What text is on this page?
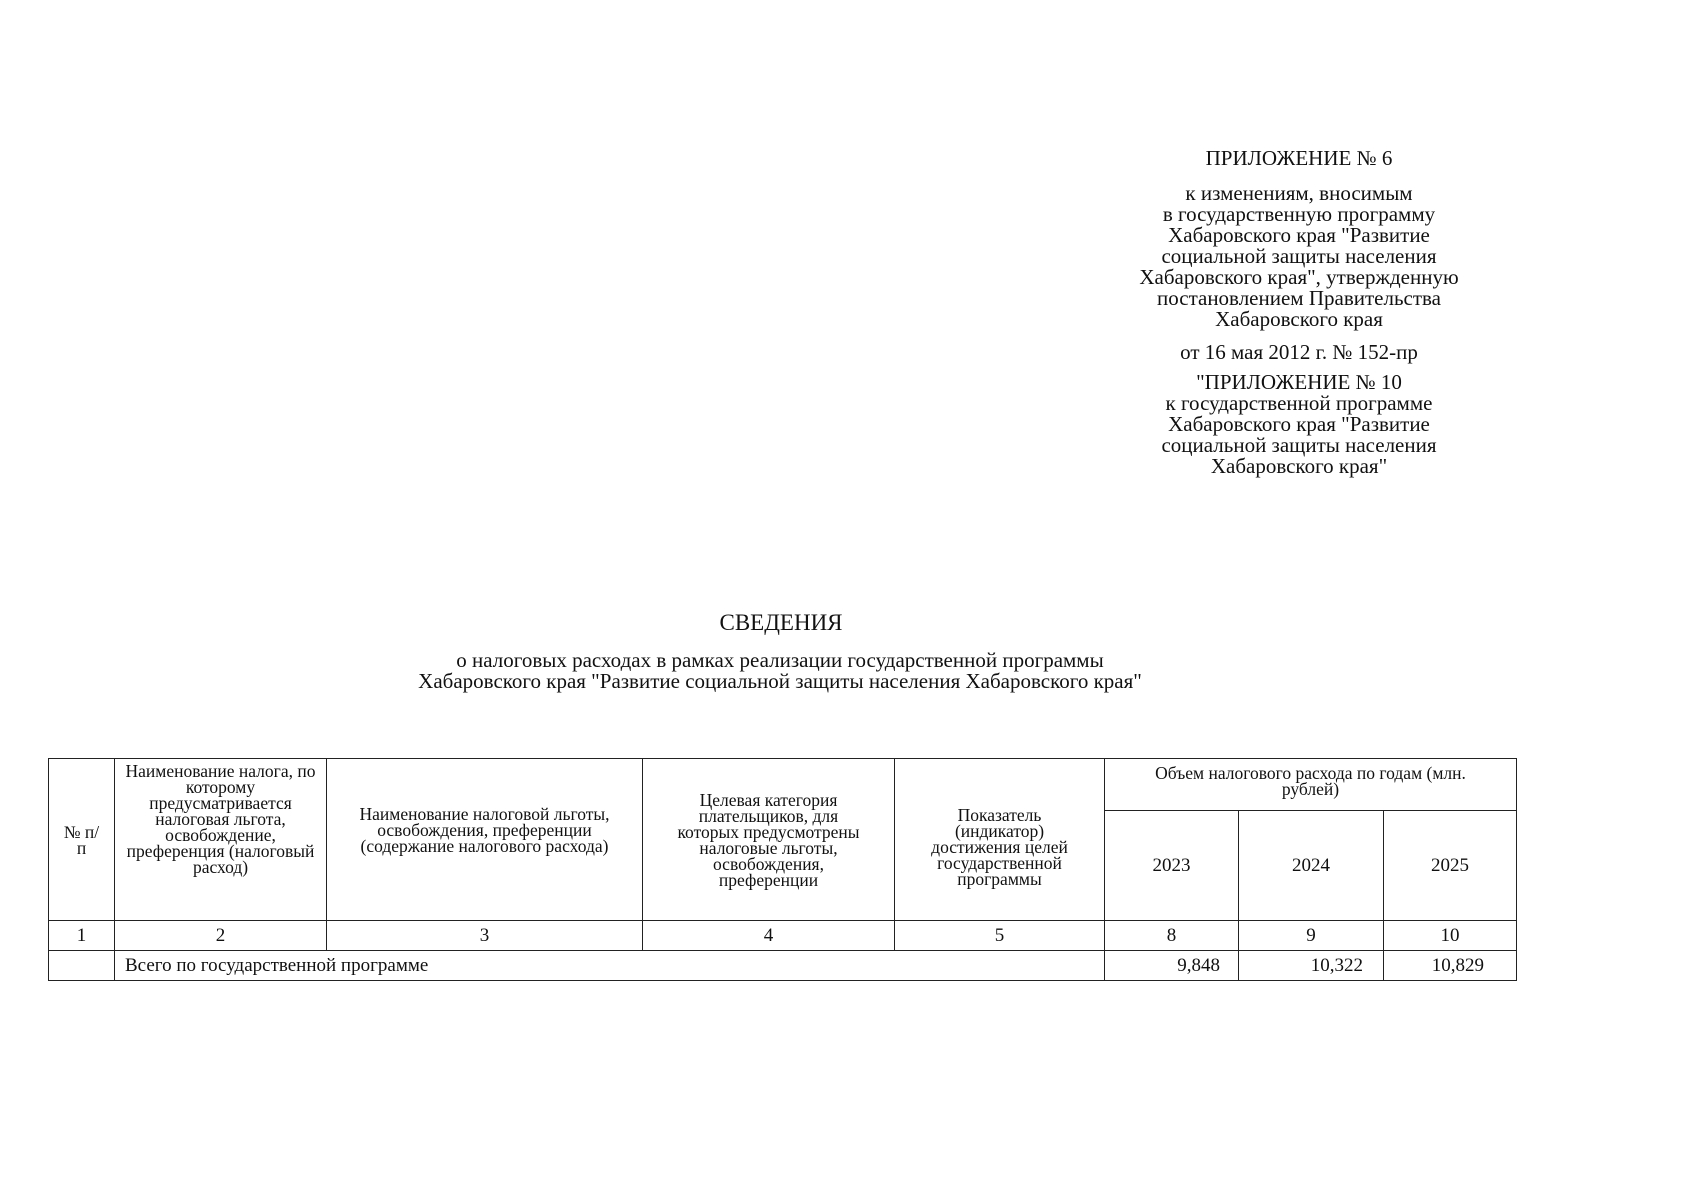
ПРИЛОЖЕНИЕ № 6
к изменениям, вносимым
в государственную программу
Хабаровского края "Развитие
социальной защиты населения
Хабаровского края", утвержденную
постановлением Правительства
Хабаровского края
от 16 мая 2012 г. № 152-пр
"ПРИЛОЖЕНИЕ № 10
к государственной программе
Хабаровского края "Развитие
социальной защиты населения
Хабаровского края"
СВЕДЕНИЯ
о налоговых расходах в рамках реализации государственной программы
Хабаровского края "Развитие социальной защиты населения Хабаровского края"
№ п/п	Наименование налога, по которому предусматривается налоговая льгота, освобождение, преференция (налоговый расход)	Наименование налоговой льготы, освобождения, преференции (содержание налогового расхода)	Целевая категория плательщиков, для которых предусмотрены налоговые льготы, освобождения, преференции	Показатель (индикатор) достижения целей государственной программы	Объем налогового расхода по годам (млн. рублей)		
					2023	2024	2025
1	2	3	4	5	8	9	10
	Всего по государственной программе				9,848	10,322	10,829
